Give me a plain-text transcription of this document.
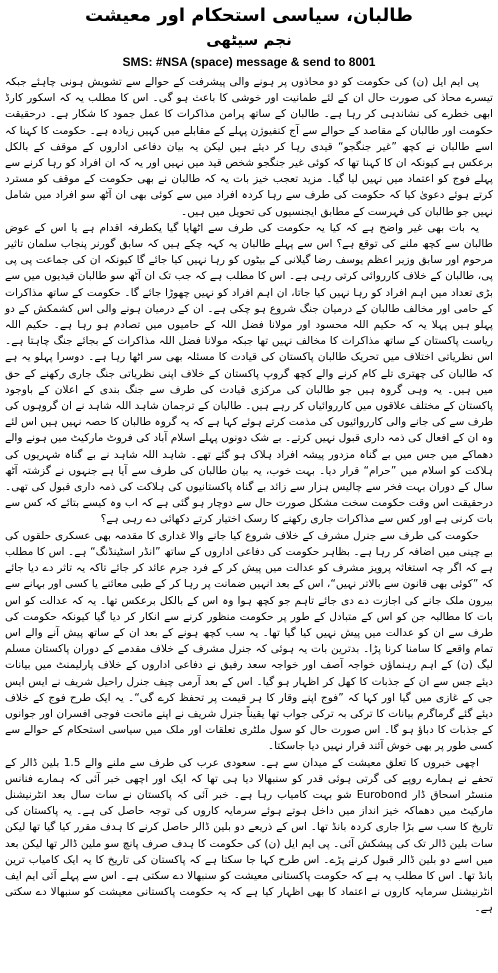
طالبان، سیاسی استحکام اور معیشت
نجم سیٹھی
SMS: #NSA (space) message & send to 8001

پی ایم ایل (ن) کی حکومت کو دو محاذوں پر ہونے والی پیشرفت کے حوالے سے تشویش ہونی چاہئے جبکہ تیسرے محاذ کی صورت حال ان کے لئے طمانیت اور خوشی کا باعث ہو گی۔ اس کا مطلب یہ کہ اسکور کارڈ ابھی خطرے کی نشاندہی کر رہا ہے۔ طالبان کے ساتھ پرامن مذاکرات کا عمل جمود کا شکار ہے۔ درحقیقت حکومت اور طالبان کے مقاصد کے حوالے سے آج کنفیوژن پہلے کے مقابلے میں کہیں زیادہ ہے۔ حکومت کا کہنا کہ اسے طالبان نے کچھ ”غیر جنگجو“ قیدی رہا کر دیئے ہیں لیکن یہ بیان دفاعی اداروں کے موقف کے بالکل برعکس ہے کیونکہ ان کا کہنا تھا کہ کوئی غیر جنگجو شخص قید میں نہیں اور یہ کہ ان افراد کو رہا کرنے سے پہلے فوج کو اعتماد میں نہیں لیا گیا۔ مزید تعجب خیز بات یہ کہ طالبان نے بھی حکومت کے موقف کو مسترد کرتے ہوئے دعویٰ کیا کہ حکومت کی طرف سے رہا کردہ افراد میں سے کوئی بھی ان آٹھ سو افراد میں شامل نہیں جو طالبان کی فہرست کے مطابق ایجنسیوں کی تحویل میں ہیں۔

یہ بات بھی غیر واضح ہے کہ کیا یہ حکومت کی طرف سے اٹھایا گیا یکطرفہ اقدام ہے یا اس کے عوض طالبان سے کچھ ملنے کی توقع ہے؟ اس سے پہلے طالبان یہ کہہ چکے ہیں کہ سابق گورنر پنجاب سلمان تاثیر مرحوم اور سابق وزیر اعظم یوسف رضا گیلانی کے بیٹوں کو رہا نہیں کیا جائے گا کیونکہ ان کی جماعت پی پی پی، طالبان کے خلاف کارروائی کرتی رہی ہے۔ اس کا مطلب ہے کہ جب تک ان آٹھ سو طالبان قیدیوں میں سے بڑی تعداد میں اہم افراد کو رہا نہیں کیا جاتا، ان اہم افراد کو نہیں چھوڑا جائے گا۔ حکومت کے ساتھ مذاکرات کے حامی اور مخالف طالبان کے درمیان جنگ شروع ہو چکی ہے۔ ان کے درمیان ہونے والی اس کشمکش کے دو پہلو ہیں پہلا یہ کہ حکیم اللہ محسود اور مولانا فضل اللہ کے حامیوں میں تصادم ہو رہا ہے۔ حکیم اللہ ریاست پاکستان کے ساتھ مذاکرات کا مخالف نہیں تھا جبکہ مولانا فضل اللہ مذاکرات کے بجائے جنگ چاہتا ہے۔ اس نظریاتی اختلاف میں تحریک طالبان پاکستان کی قیادت کا مسئلہ بھی سر اٹھا رہا ہے۔ دوسرا پہلو یہ ہے کہ طالبان کی چھتری تلے کام کرنے والے کچھ گروپ پاکستان کے خلاف اپنی نظریاتی جنگ جاری رکھنے کے حق میں ہیں۔ یہ وہی گروہ ہیں جو طالبان کی مرکزی قیادت کی طرف سے جنگ بندی کے اعلان کے باوجود پاکستان کے مختلف علاقوں میں کارروائیاں کر رہے ہیں۔ طالبان کے ترجمان شاہد اللہ شاہد نے ان گروہوں کی طرف سے کی جانے والی کارروائیوں کی مذمت کرتے ہوئے کہا ہے کہ یہ گروہ طالبان کا حصہ نہیں ہیں اس لئے وہ ان کے افعال کی ذمہ داری قبول نہیں کرتے۔ بے شک دونوں پہلے اسلام آباد کی فروٹ مارکیٹ میں ہونے والے دھماکے میں جس میں بے گناہ مزدور پیشہ افراد ہلاک ہو گئے تھے۔ شاہد اللہ شاہد نے بے گناہ شہریوں کی ہلاکت کو اسلام میں ”حرام“ قرار دیا۔ بہت خوب، یہ بیان طالبان کی طرف سے آیا ہے جنہوں نے گزشتہ آٹھ سال کے دوران بہت فخر سے چالیس ہزار سے زائد بے گناہ پاکستانیوں کی ہلاکت کی ذمہ داری قبول کی تھی۔ درحقیقت اس وقت حکومت سخت مشکل صورت حال سے دوچار ہو گئی ہے کہ اب وہ کیسے بتائے کہ کس سے بات کرنی ہے اور کس سے مذاکرات جاری رکھنے کا رسک اختیار کرتے دکھائی دے رہی ہے؟

حکومت کی طرف سے جنرل مشرف کے خلاف شروع کیا جانے والا غداری کا مقدمہ بھی عسکری حلقوں کی بے چینی میں اضافہ کر رہا ہے۔ بظاہر حکومت کی دفاعی اداروں کے ساتھ ”انڈر اسٹینڈنگ“ ہے۔ اس کا مطلب ہے کہ اگر چہ استغاثہ پرویز مشرف کو عدالت میں پیش کر کے فرد جرم عائد کر جائے تاکہ یہ تاثر دے دیا جائے کہ ”کوئی بھی قانون سے بالاتر نہیں“، اس کے بعد انہیں ضمانت پر رہا کر کے طبی معائنے یا کسی اور بہانے سے بیرون ملک جانے کی اجازت دے دی جائے تاہم جو کچھ ہوا وہ اس کے بالکل برعکس تھا۔ یہ کہ عدالت کو اس بات کا مطالبہ جن کو اس کے متبادل کے طور پر حکومت منظور کرنے سے انکار کر دیا گیا کیونکہ حکومت کی طرف سے ان کو عدالت میں پیش نہیں کیا گیا تھا۔ یہ سب کچھ ہونے کے بعد ان کے ساتھ پیش آنے والے اس تمام واقعے کا سامنا کرنا پڑا۔ بدترین بات یہ ہوئی کہ جنرل مشرف کے خلاف مقدمے کے دوران پاکستان مسلم لیگ (ن) کے اہم رہنماؤں خواجہ آصف اور خواجہ سعد رفیق نے دفاعی اداروں کے خلاف پارلیمنٹ میں بیانات دیئے جس سے ان کے جذبات کا کھل کر اظہار ہو گیا۔ اس کے بعد آرمی چیف جنرل راحیل شریف نے ایس ایس جی کے غازی میں گیا اور کہا کہ ”فوج اپنے وقار کا ہر قیمت پر تحفظ کرے گی“۔ یہ ایک طرح فوج کے خلاف دیئے گئے گرماگرم بیانات کا ترکی بہ ترکی جواب تھا یقیناً جنرل شریف نے اپنے ماتحت فوجی افسران اور جوانوں کے جذبات کا دباؤ ہو گا۔ اس صورت حال کو سول ملٹری تعلقات اور ملک میں سیاسی استحکام کے حوالے سے کسی طور پر بھی خوش آئند قرار نہیں دیا جاسکتا۔

اچھی خبروں کا تعلق معیشت کے میدان سے ہے۔ سعودی عرب کی طرف سے ملنے والے 1.5 بلین ڈالر کے تحفے نے ہمارے روپے کی گرتی ہوئی قدر کو سنبھالا دیا ہی تھا کہ ایک اور اچھی خبر آئی کہ ہمارے فنانس منسٹر اسحاق ڈار Eurobond شو بہت کامیاب رہا ہے۔ خبر آئی کہ پاکستان نے سات سال بعد انٹرنیشنل مارکیٹ میں دھماکہ خیز انداز میں داخل ہوتے ہوئے سرمایہ کاروں کی توجہ حاصل کی ہے۔ یہ پاکستان کی تاریخ کا سب سے بڑا جاری کردہ بانڈ تھا۔ اس کے ذریعے دو بلین ڈالر حاصل کرنے کا ہدف مقرر کیا گیا تھا لیکن سات بلین ڈالر تک کی پیشکش آئی۔ پی ایم ایل (ن) کی حکومت کا ہدف صرف پانچ سو ملین ڈالر تھا لیکن بعد میں اسے دو بلین ڈالر قبول کرنے پڑے۔ اس طرح کہا جا سکتا ہے کہ پاکستان کی تاریخ کا یہ ایک کامیاب ترین بانڈ تھا۔ اس کا مطلب یہ ہے کہ حکومت پاکستانی معیشت کو سنبھالا دے سکتی ہے۔ اس سے پہلے آئی ایم ایف انٹرنیشنل سرمایہ کاروں نے اعتماد کا بھی اظہار کیا ہے کہ یہ حکومت پاکستانی معیشت کو سنبھالا دے سکتی ہے۔
